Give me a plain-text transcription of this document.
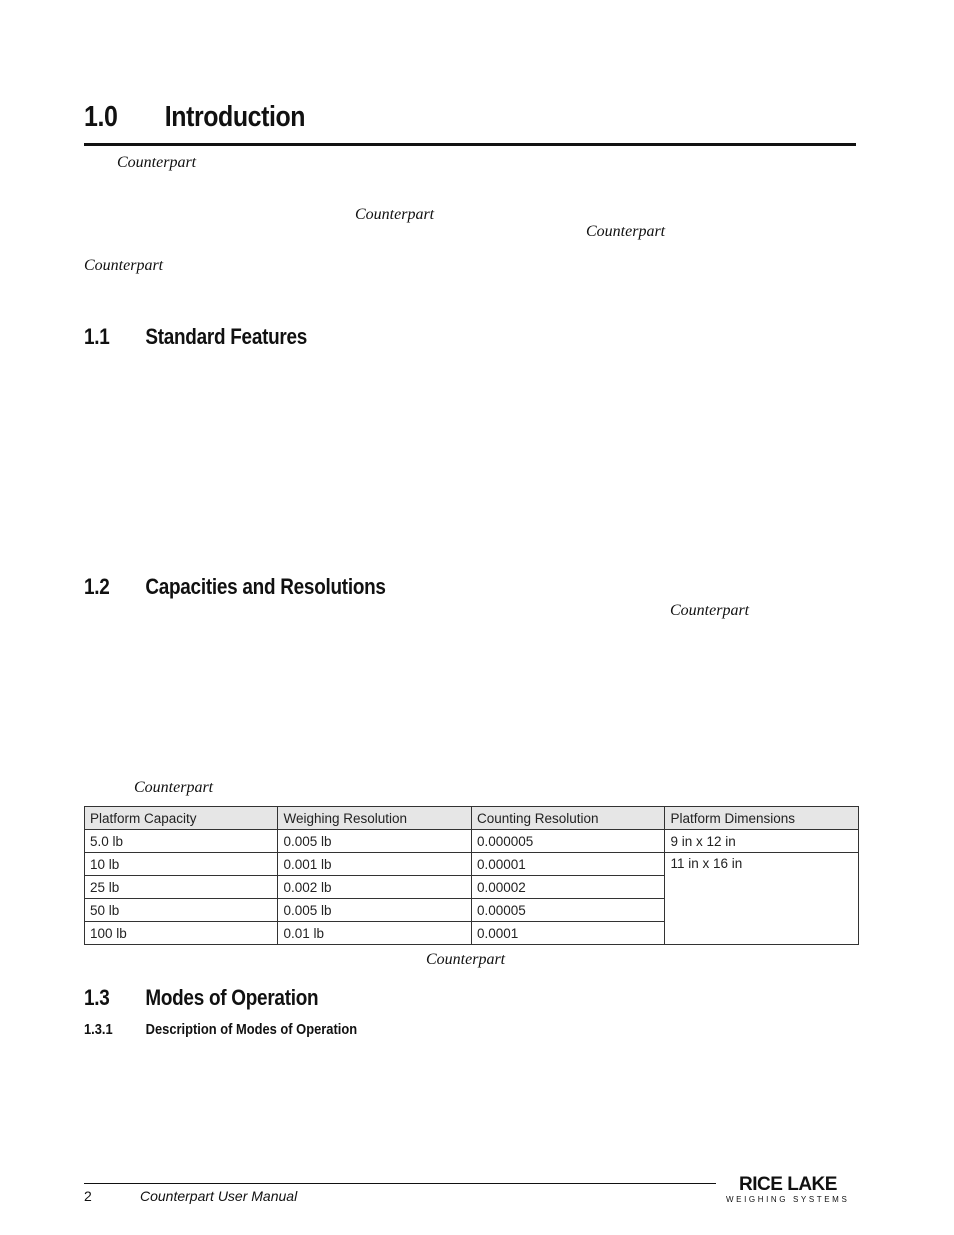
1.0 Introduction
Counterpart
Counterpart
Counterpart
Counterpart
1.1 Standard Features
1.2 Capacities and Resolutions
Counterpart
Counterpart
Platform Capacity	Weighing Resolution	Counting Resolution	Platform Dimensions
5.0 lb	0.005 lb	0.000005	9 in x 12 in
10 lb	0.001 lb	0.00001	11 in x 16 in
25 lb	0.002 lb	0.00002	
50 lb	0.005 lb	0.00005	
100 lb	0.01 lb	0.0001	
Counterpart
1.3 Modes of Operation
1.3.1 Description of Modes of Operation
2	Counterpart User Manual
RICE LAKE
WEIGHING SYSTEMS
